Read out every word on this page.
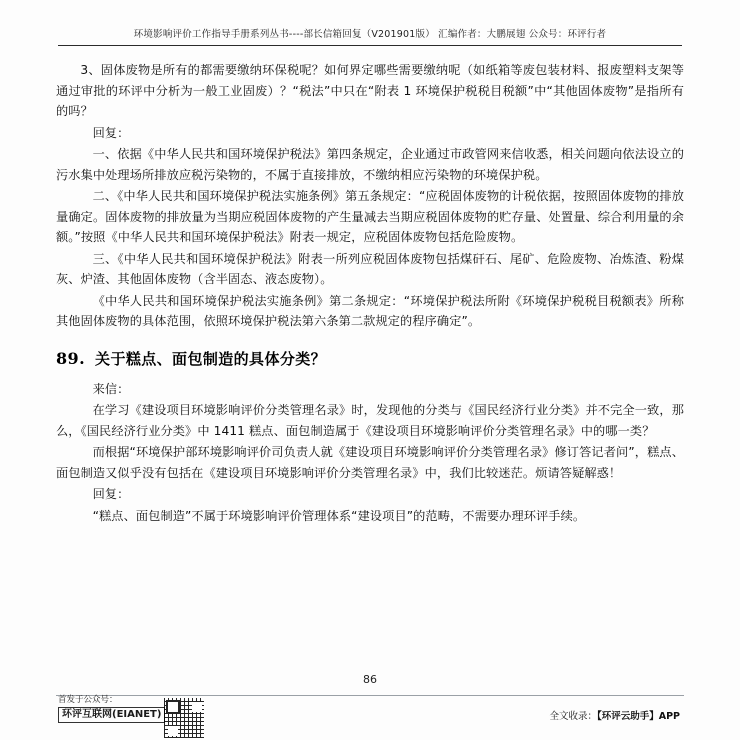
环境影响评价工作指导手册系列丛书----部长信箱回复（V201901版） 汇编作者：大鹏展翅 公众号：环评行者

3、固体废物是所有的都需要缴纳环保税呢？如何界定哪些需要缴纳呢（如纸箱等废包装材料、报废塑料支架等通过审批的环评中分析为一般工业固废）？“税法”中只在“附表 1 环境保护税税目税额”中“其他固体废物”是指所有的吗？

回复：

一、依据《中华人民共和国环境保护税法》第四条规定，企业通过市政管网来信收悉，相关问题向依法设立的污水集中处理场所排放应税污染物的，不属于直接排放，不缴纳相应污染物的环境保护税。

二、《中华人民共和国环境保护税法实施条例》第五条规定：“应税固体废物的计税依据，按照固体废物的排放量确定。固体废物的排放量为当期应税固体废物的产生量减去当期应税固体废物的贮存量、处置量、综合利用量的余额。”按照《中华人民共和国环境保护税法》附表一规定，应税固体废物包括危险废物。

三、《中华人民共和国环境保护税法》附表一所列应税固体废物包括煤矸石、尾矿、危险废物、冶炼渣、粉煤灰、炉渣、其他固体废物（含半固态、液态废物）。

《中华人民共和国环境保护税法实施条例》第二条规定：“环境保护税法所附《环境保护税税目税额表》所称其他固体废物的具体范围，依照环境保护税法第六条第二款规定的程序确定”。

89. 关于糕点、面包制造的具体分类？

来信：

在学习《建设项目环境影响评价分类管理名录》时，发现他的分类与《国民经济行业分类》并不完全一致，那么，《国民经济行业分类》中 1411 糕点、面包制造属于《建设项目环境影响评价分类管理名录》中的哪一类？

而根据“环境保护部环境影响评价司负责人就《建设项目环境影响评价分类管理名录》修订答记者问”，糕点、面包制造又似乎没有包括在《建设项目环境影响评价分类管理名录》中，我们比较迷茫。烦请答疑解惑！

回复：

“糕点、面包制造”不属于环境影响评价管理体系“建设项目”的范畴，不需要办理环评手续。

86
首发于公众号：
环评互联网(EIANET)	全文收录：【环评云助手】APP
